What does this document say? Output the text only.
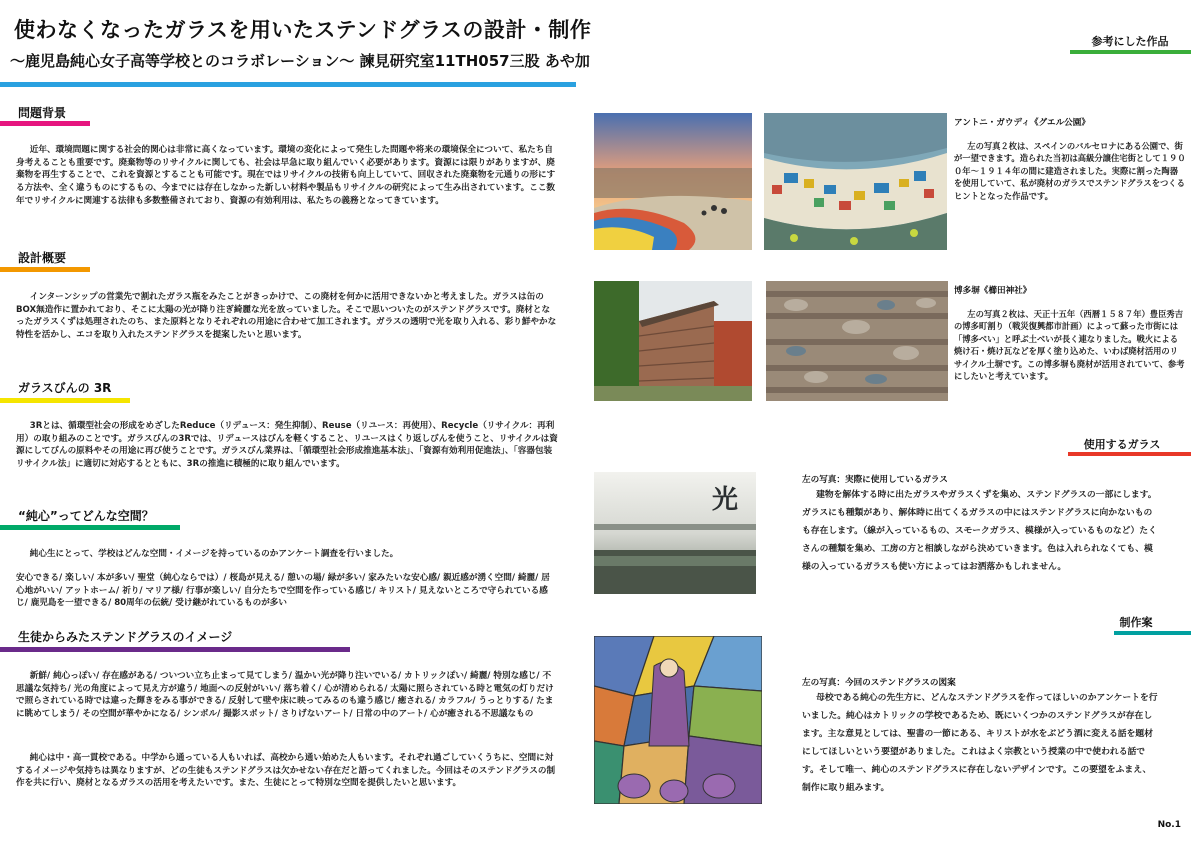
使わなくなったガラスを用いたステンドグラスの設計・制作
〜鹿児島純心女子高等学校とのコラボレーション〜 諫見研究室11TH057三股 あや加
問題背景
近年、環境問題に関する社会的関心は非常に高くなっています。環境の変化によって発生した問題や将来の環境保全について、私たち自身考えることも重要です。廃棄物等のリサイクルに関しても、社会は早急に取り組んでいく必要があります。資源には限りがありますが、廃棄物を再生することで、これを資源とすることも可能です。現在ではリサイクルの技術も向上していて、回収された廃棄物を元通りの形にする方法や、全く違うものにするもの、今までには存在しなかった新しい材料や製品もリサイクルの研究によって生み出されています。ここ数年でリサイクルに関連する法律も多数整備されており、資源の有効利用は、私たちの義務となってきています。
設計概要
インターンシップの営業先で割れたガラス瓶をみたことがきっかけで、この廃材を何かに活用できないかと考えました。ガラスは缶のBOX無造作に置かれており、そこに太陽の光が降り注ぎ綺麗な光を放っていました。そこで思いついたのがステンドグラスです。廃材となったガラスくずは処理されたのち、また原料となりそれぞれの用途に合わせて加工されます。ガラスの透明で光を取り入れる、彩り鮮やかな特性を活かし、エコを取り入れたステンドグラスを提案したいと思います。
ガラスびんの 3R
3Rとは、循環型社会の形成をめざしたReduce（リデュース：発生抑制）、Reuse（リユース：再使用）、Recycle（リサイクル：再利用）の取り組みのことです。ガラスびんの3Rでは、リデュースはびんを軽くすること、リユースはくり返しびんを使うこと、リサイクルは資源にしてびんの原料やその用途に再び使うことです。ガラスびん業界は、「循環型社会形成推進基本法」、「資源有効利用促進法」、「容器包装リサイクル法」に適切に対応するとともに、3Rの推進に積極的に取り組んでいます。
“純心”ってどんな空間？
純心生にとって、学校はどんな空間・イメージを持っているのかアンケート調査を行いました。
安心できる/ 楽しい/ 本が多い/ 聖堂（純心ならでは）/ 桜島が見える/ 憩いの場/ 緑が多い/ 家みたいな安心感/ 親近感が湧く空間/ 綺麗/ 居心地がいい/ アットホーム/ 祈り/ マリア様/ 行事が楽しい/ 自分たちで空間を作っている感じ/ キリスト/ 見えないところで守られている感じ/ 鹿児島を一望できる/ 80周年の伝統/ 受け継がれているものが多い
生徒からみたステンドグラスのイメージ
新鮮/ 純心っぽい/ 存在感がある/ ついつい立ち止まって見てしまう/ 温かい光が降り注いでいる/ カトリックぽい/ 綺麗/ 特別な感じ/ 不思議な気持ち/ 光の角度によって見え方が違う/ 地面への反射がいい/ 落ち着く/ 心が清められる/ 太陽に照らされている時と電気の灯りだけで照らされている時では違った輝きをみる事ができる/ 反射して壁や床に映ってみるのも違う感じ/ 癒される/ カラフル/ うっとりする/ たまに眺めてしまう/ その空間が華やかになる/ シンボル/ 撮影スポット/ さりげないアート/ 日常の中のアート/ 心が癒される不思議なもの
純心は中・高一貫校である。中学から通っている人もいれば、高校から通い始めた人もいます。それぞれ過ごしていくうちに、空間に対するイメージや気持ちは異なりますが、どの生徒もステンドグラスは欠かせない存在だと語ってくれました。今回はそのステンドグラスの制作を共に行い、廃材となるガラスの活用を考えたいです。また、生徒にとって特別な空間を提供したいと思います。
参考にした作品
アントニ・ガウディ《グエル公園》
左の写真２枚は、スペインのバルセロナにある公園で、街が一望できます。造られた当初は高級分譲住宅街として１９００年〜１９１４年の間に建造されました。実際に割った陶器を使用していて、私が廃材のガラスでステンドグラスをつくるヒントとなった作品です。
博多塀《櫛田神社》
左の写真２枚は、天正十五年（西暦１５８７年）豊臣秀吉の博多町割り（戦災復興都市計画）によって蘇った市街には「博多べい」と呼ぶ土べいが長く連なりました。戦火による焼け石・焼け瓦などを厚く塗り込めた、いわば廃材活用のリサイクル土塀です。この博多塀も廃材が活用されていて、参考にしたいと考えています。
使用するガラス
光
左の写真：実際に使用しているガラス
建物を解体する時に出たガラスやガラスくずを集め、ステンドグラスの一部にします。ガラスにも種類があり、解体時に出てくるガラスの中にはステンドグラスに向かないものも存在します。（線が入っているもの、スモークガラス、模様が入っているものなど）たくさんの種類を集め、工房の方と相談しながら決めていきます。色は入れられなくても、模様の入っているガラスも使い方によってはお洒落かもしれません。
制作案
左の写真：今回のステンドグラスの図案
母校である純心の先生方に、どんなステンドグラスを作ってほしいのかアンケートを行いました。純心はカトリックの学校であるため、既にいくつかのステンドグラスが存在します。主な意見としては、聖書の一節にある、キリストが水をぶどう酒に変える話を題材にしてほしいという要望がありました。これはよく宗教という授業の中で使われる話です。そして唯一、純心のステンドグラスに存在しないデザインです。この要望をふまえ、制作に取り組みます。
No.1
